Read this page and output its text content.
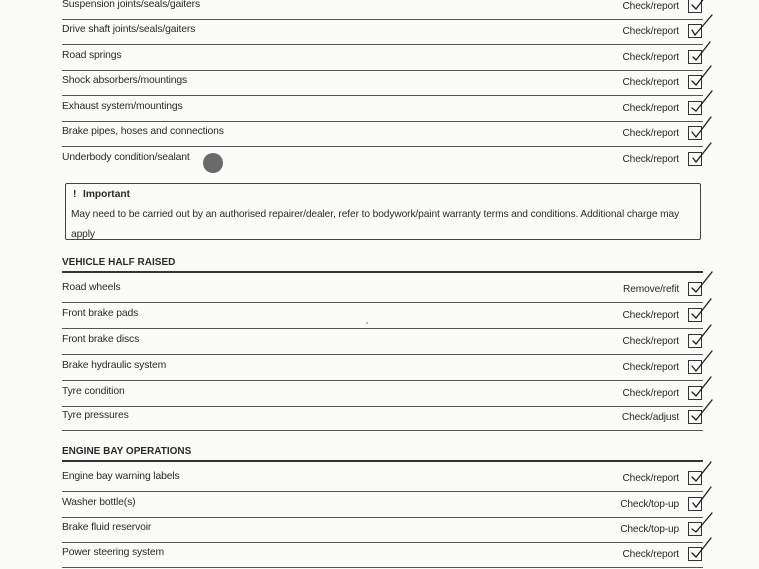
Suspension joints/seals/gaiters	Check/report
Drive shaft joints/seals/gaiters	Check/report
Road springs	Check/report
Shock absorbers/mountings	Check/report
Exhaust system/mountings	Check/report
Brake pipes, hoses and connections	Check/report
Underbody condition/sealant	Check/report
! Important
May need to be carried out by an authorised repairer/dealer, refer to bodywork/paint warranty terms and conditions. Additional charge may apply
VEHICLE HALF RAISED
Road wheels	Remove/refit
Front brake pads	Check/report
Front brake discs	Check/report
Brake hydraulic system	Check/report
Tyre condition	Check/report
Tyre pressures	Check/adjust
ENGINE BAY OPERATIONS
Engine bay warning labels	Check/report
Washer bottle(s)	Check/top-up
Brake fluid reservoir	Check/top-up
Power steering system	Check/report
